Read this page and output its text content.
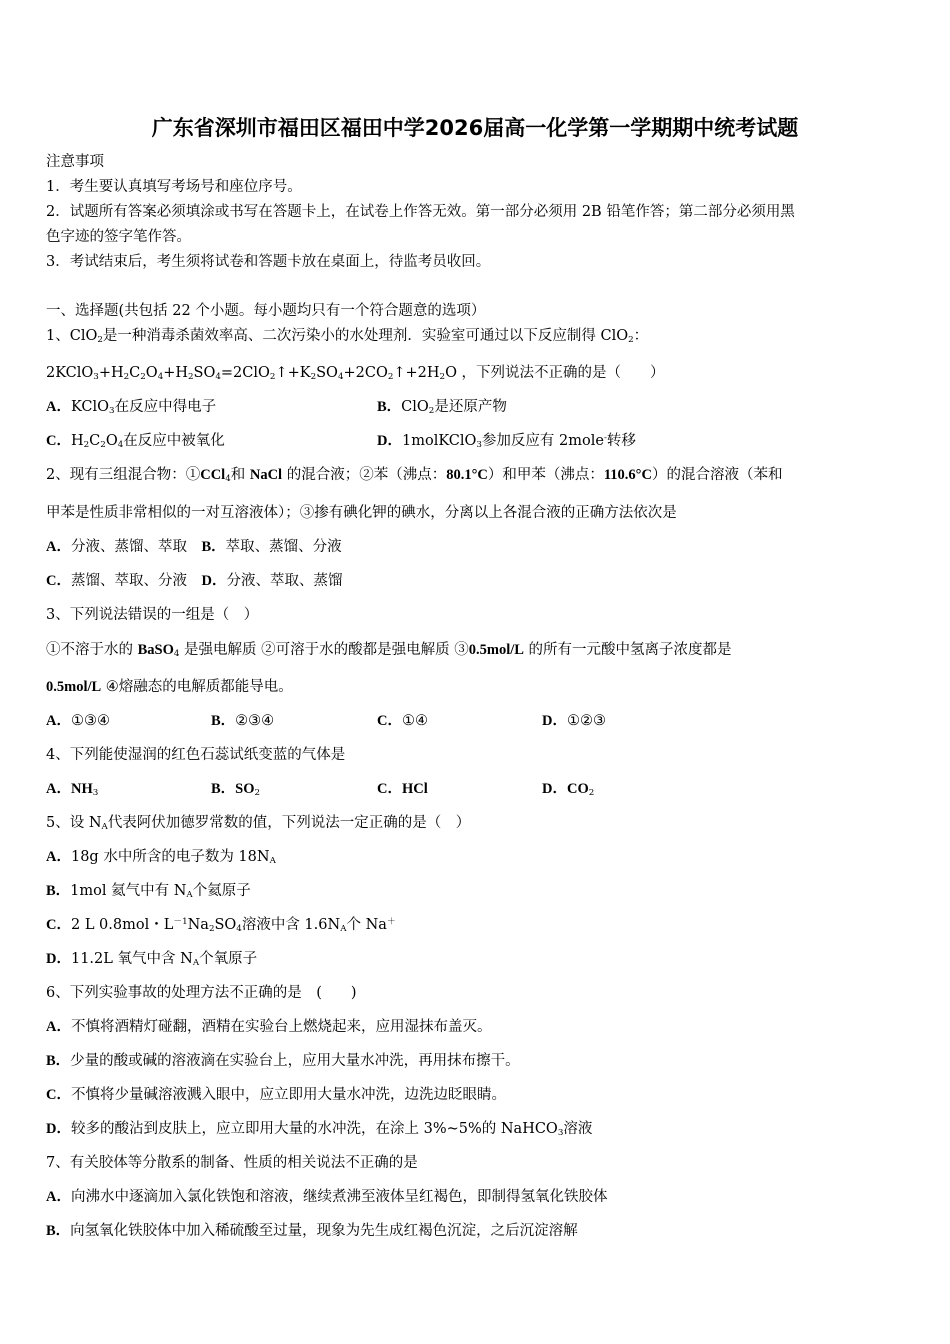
广东省深圳市福田区福田中学2026届高一化学第一学期期中统考试题
注意事项
1．考生要认真填写考场号和座位序号。
2．试题所有答案必须填涂或书写在答题卡上，在试卷上作答无效。第一部分必须用 2B 铅笔作答；第二部分必须用黑
色字迹的签字笔作答。
3．考试结束后，考生须将试卷和答题卡放在桌面上，待监考员收回。
一、选择题(共包括 22 个小题。每小题均只有一个符合题意的选项）
1、ClO$_2$是一种消毒杀菌效率高、二次污染小的水处理剂．实验室可通过以下反应制得 ClO$_2$：
$2KClO_3+H_2C_2O_4+H_2SO_4=2ClO_2↑+K_2SO_4+2CO_2↑+2H_2O$ ，下列说法不正确的是（　　）
A．KClO$_3$在反应中得电子	B．ClO$_2$是还原产物
C．$H_2C_2O_4$在反应中被氧化	D．1molKClO$_3$参加反应有 2mole-转移
2、现有三组混合物：①CCl$_4$和 NaCl 的混合液；②苯（沸点：80.1°C）和甲苯（沸点：110.6°C）的混合溶液（苯和
甲苯是性质非常相似的一对互溶液体）；③掺有碘化钾的碘水，分离以上各混合液的正确方法依次是
A．分液、蒸馏、萃取　B．萃取、蒸馏、分液
C．蒸馏、萃取、分液　D．分液、萃取、蒸馏
3、下列说法错误的一组是（　）
①不溶于水的 BaSO$_4$ 是强电解质 ②可溶于水的酸都是强电解质 ③0.5mol/L 的所有一元酸中氢离子浓度都是
0.5mol/L ④熔融态的电解质都能导电。
A．①③④	B．②③④	C．①④	D．①②③
4、下列能使湿润的红色石蕊试纸变蓝的气体是
A．$NH_3$	B．$SO_2$	C．HCl	D．$CO_2$
5、设 $N_A$代表阿伏加德罗常数的值，下列说法一定正确的是（　）
A．18g 水中所含的电子数为 $18N_A$
B．1mol 氦气中有 $N_A$个氦原子
C．2 L 0.8mol・$L^{-1}Na_2SO_4$溶液中含 $1.6N_A$个 Na＋
D．11.2L 氧气中含 $N_A$个氧原子
6、下列实验事故的处理方法不正确的是　(　　)
A．不慎将酒精灯碰翻，酒精在实验台上燃烧起来，应用湿抹布盖灭。
B．少量的酸或碱的溶液滴在实验台上，应用大量水冲洗，再用抹布擦干。
C．不慎将少量碱溶液溅入眼中，应立即用大量水冲洗，边洗边眨眼睛。
D．较多的酸沾到皮肤上，应立即用大量的水冲洗，在涂上 3%~5%的 NaHCO$_3$溶液
7、有关胶体等分散系的制备、性质的相关说法不正确的是
A．向沸水中逐滴加入氯化铁饱和溶液，继续煮沸至液体呈红褐色，即制得氢氧化铁胶体
B．向氢氧化铁胶体中加入稀硫酸至过量，现象为先生成红褐色沉淀，之后沉淀溶解
